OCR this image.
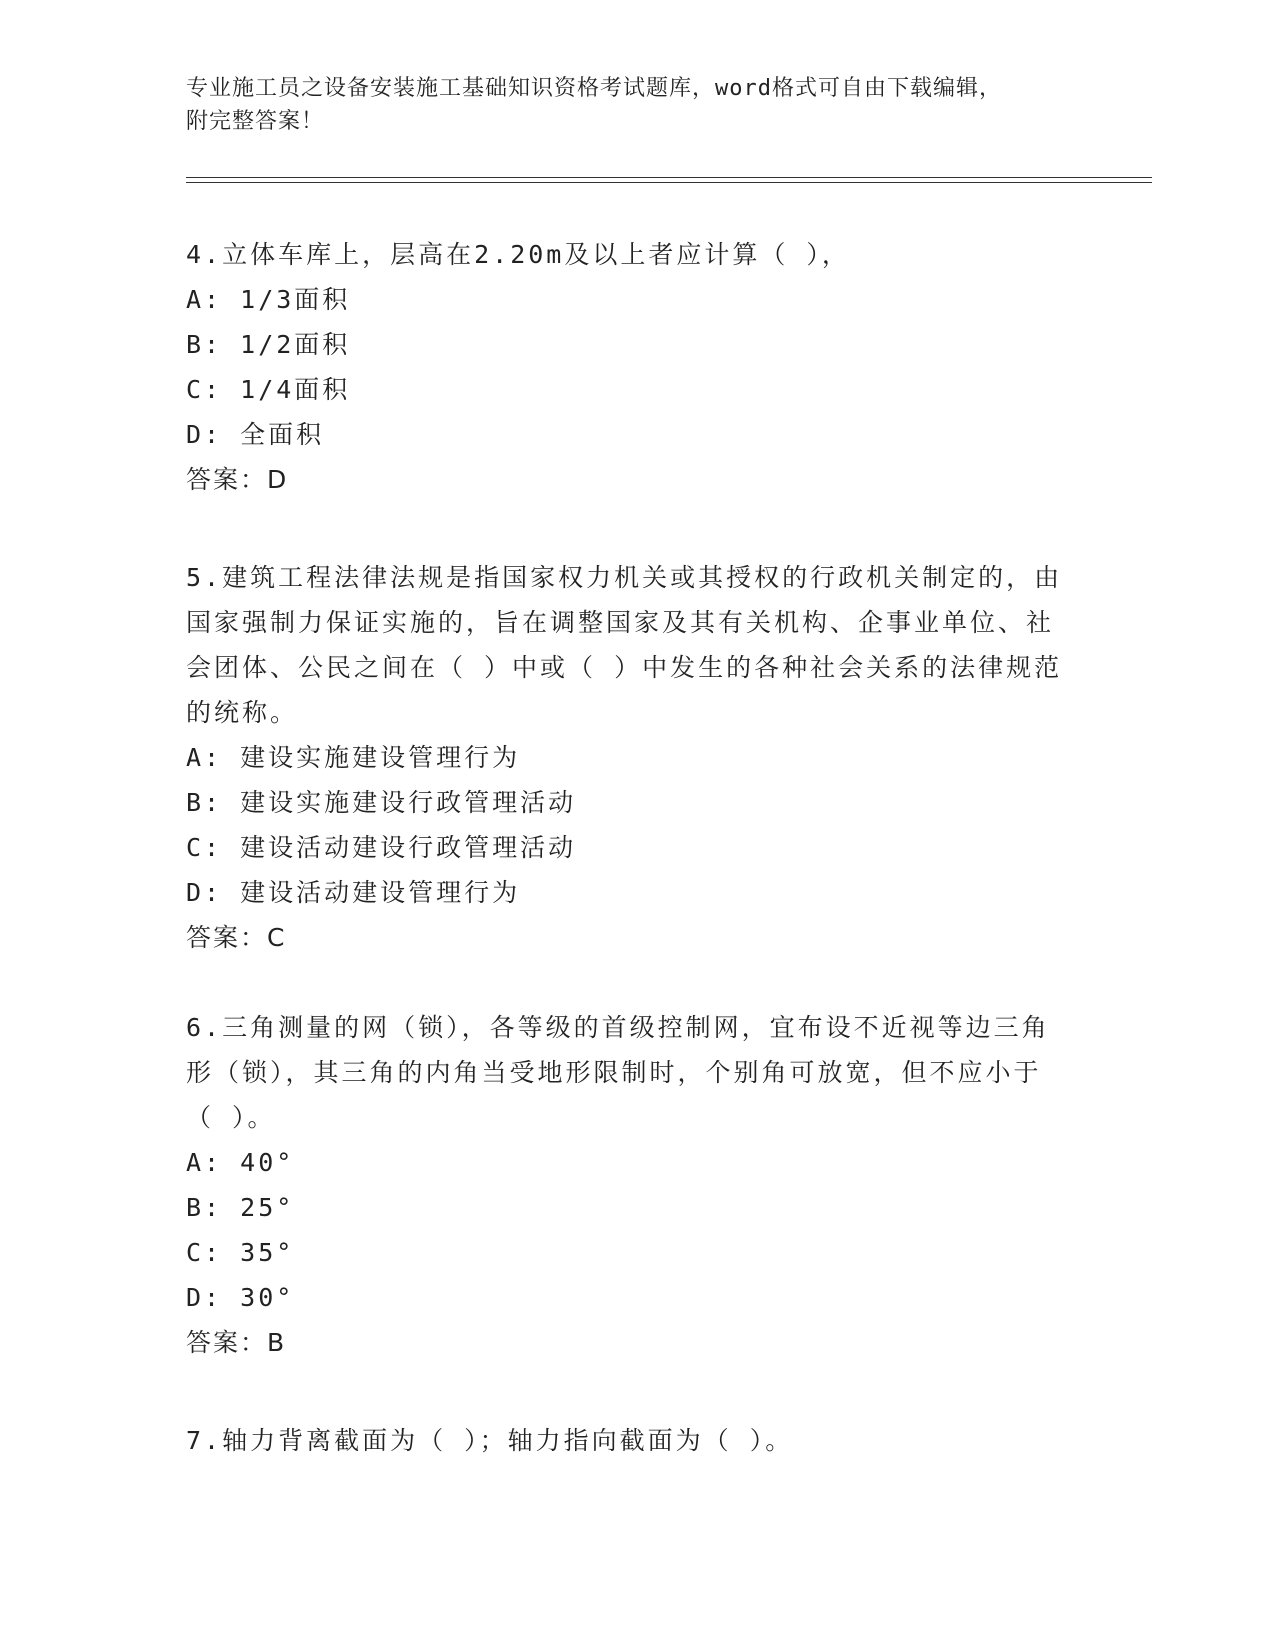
专业施工员之设备安装施工基础知识资格考试题库，word格式可自由下载编辑，
附完整答案！

4.立体车库上，层高在2.20m及以上者应计算（ ），

A: 1/3面积

B: 1/2面积

C: 1/4面积

D: 全面积

答案：D

5.建筑工程法律法规是指国家权力机关或其授权的行政机关制定的，由国家强制力保证实施的，旨在调整国家及其有关机构、企事业单位、社会团体、公民之间在（ ）中或（ ）中发生的各种社会关系的法律规范的统称。

A: 建设实施建设管理行为

B: 建设实施建设行政管理活动

C: 建设活动建设行政管理活动

D: 建设活动建设管理行为

答案：C

6.三角测量的网（锁），各等级的首级控制网，宜布设不近视等边三角形（锁），其三角的内角当受地形限制时，个别角可放宽，但不应小于（ ）。

A: 40°

B: 25°

C: 35°

D: 30°

答案：B

7.轴力背离截面为（ ）；轴力指向截面为（ ）。
